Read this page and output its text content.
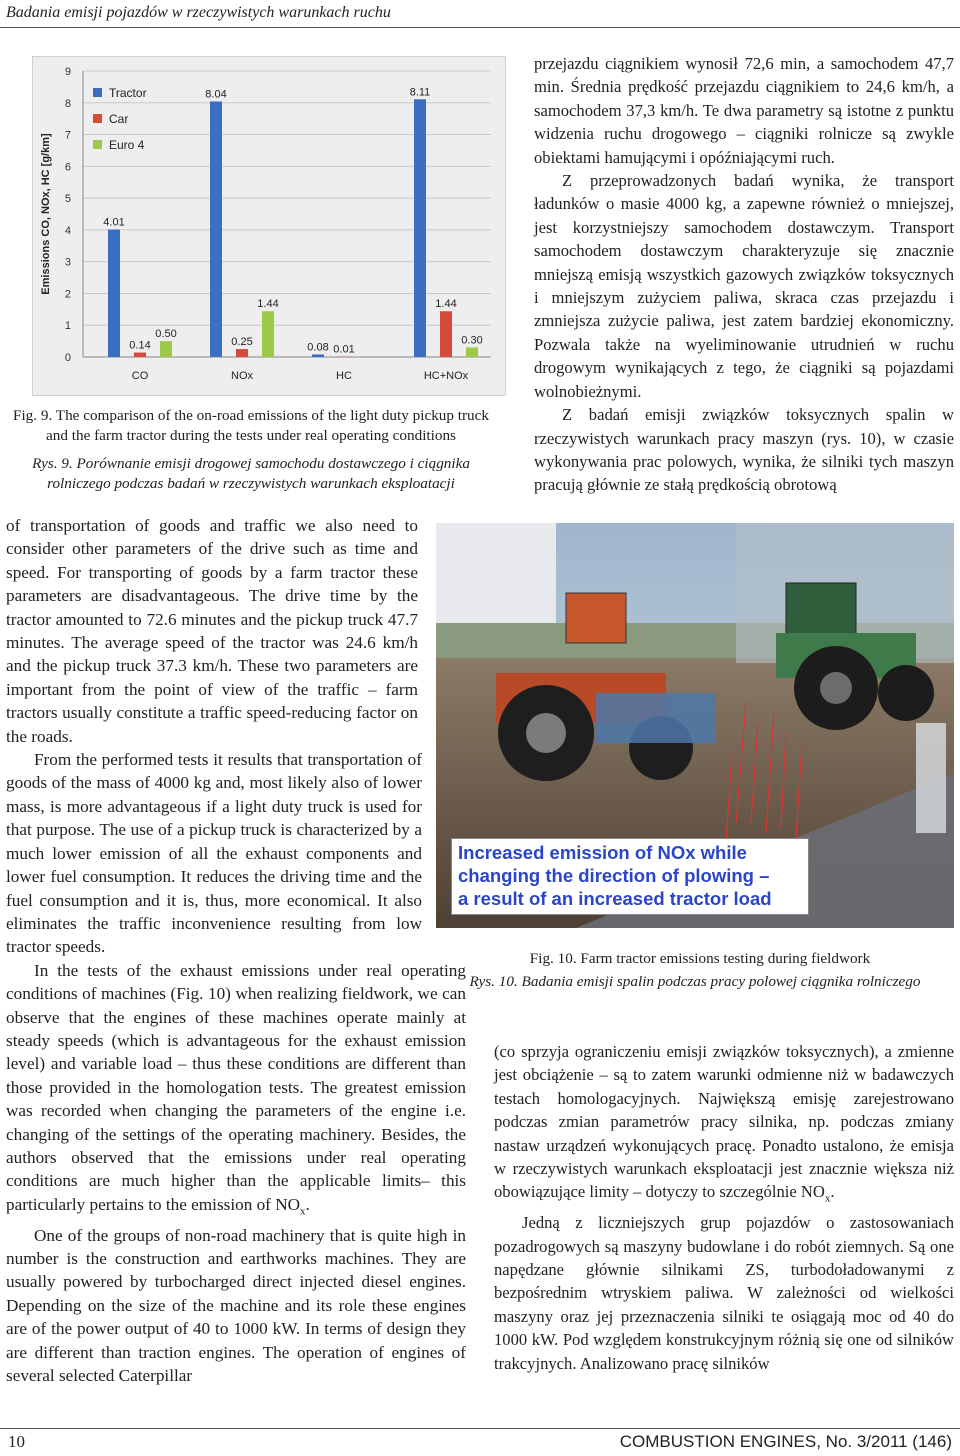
Badania emisji pojazdów w rzeczywistych warunkach ruchu
0
1
2
3
4
5
6
7
8
9
Emissions CO, NOx, HC [g/km]
CO
4.01
0.14
0.50
NOx
8.04
0.25
1.44
HC
0.08 0.01
HC+NOx
8.11
1.44
0.30
Tractor
Car
Euro 4
Fig. 9. The comparison of the on-road emissions of the light duty pickup truck and the farm tractor during the tests under real operating conditions
Rys. 9. Porównanie emisji drogowej samochodu dostawczego i ciągnika rolniczego podczas badań w rzeczywistych warunkach eksploatacji

przejazdu ciągnikiem wynosił 72,6 min, a samochodem 47,7 min. Średnia prędkość przejazdu ciągnikiem to 24,6 km/h, a samochodem 37,3 km/h. Te dwa parametry są istotne z punktu widzenia ruchu drogowego – ciągniki rolnicze są zwykle obiektami hamującymi i opóźniającymi ruch.

Z przeprowadzonych badań wynika, że transport ładunków o masie 4000 kg, a zapewne również o mniejszej, jest korzystniejszy samochodem dostawczym. Transport samochodem dostawczym charakteryzuje się znacznie mniejszą emisją wszystkich gazowych związków toksycznych i mniejszym zużyciem paliwa, skraca czas przejazdu i zmniejsza zużycie paliwa, jest zatem bardziej ekonomiczny. Pozwala także na wyeliminowanie utrudnień w ruchu drogowym wynikających z tego, że ciągniki są pojazdami wolnobieżnymi.

Z badań emisji związków toksycznych spalin w rzeczywistych warunkach pracy maszyn (rys. 10), w czasie wykonywania prac polowych, wynika, że silniki tych maszyn pracują głównie ze stałą prędkością obrotową

of transportation of goods and traffic we also need to consider other parameters of the drive such as time and speed. For transporting of goods by a farm tractor these parameters are disadvantageous. The drive time by the tractor amounted to 72.6 minutes and the pickup truck 47.7 minutes. The average speed of the tractor was 24.6 km/h and the pickup truck 37.3 km/h. These two parameters are important from the point of view of the traffic – farm tractors usually constitute a traffic speed-reducing factor on the roads.

From the performed tests it results that transportation of goods of the mass of 4000 kg and, most likely also of lower mass, is more advantageous if a light duty truck is used for that purpose. The use of a pickup truck is characterized by a much lower emission of all the exhaust components and lower fuel consumption. It reduces the driving time and the fuel consumption and it is, thus, more economical. It also eliminates the traffic inconvenience resulting from low tractor speeds.

In the tests of the exhaust emissions under real operating conditions of machines (Fig. 10) when realizing fieldwork, we can observe that the engines of these machines operate mainly at steady speeds (which is advantageous for the exhaust emission level) and variable load – thus these conditions are different than those provided in the homologation tests. The greatest emission was recorded when changing the parameters of the engine i.e. changing of the settings of the operating machinery. Besides, the authors observed that the emissions under real operating conditions are much higher than the applicable limits– this particularly pertains to the emission of $NO_x$.

One of the groups of non-road machinery that is quite high in number is the construction and earthworks machines. They are usually powered by turbocharged direct injected diesel engines. Depending on the size of the machine and its role these engines are of the power output of 40 to 1000 kW. In terms of design they are different than traction engines. The operation of engines of several selected Caterpillar

Increased emission of NOx while
changing the direction of plowing –
a result of an increased tractor load
Fig. 10. Farm tractor emissions testing during fieldwork
Rys. 10. Badania emisji spalin podczas pracy polowej ciągnika rolniczego

(co sprzyja ograniczeniu emisji związków toksycznych), a zmienne jest obciążenie – są to zatem warunki odmienne niż w badawczych testach homologacyjnych. Największą emisję zarejestrowano podczas zmian parametrów pracy silnika, np. podczas zmiany nastaw urządzeń wykonujących pracę. Ponadto ustalono, że emisja w rzeczywistych warunkach eksploatacji jest znacznie większa niż obowiązujące limity – dotyczy to szczególnie $NO_x$.

Jedną z liczniejszych grup pojazdów o zastosowaniach pozadrogowych są maszyny budowlane i do robót ziemnych. Są one napędzane głównie silnikami ZS, turbodoładowanymi z bezpośrednim wtryskiem paliwa. W zależności od wielkości maszyny oraz jej przeznaczenia silniki te osiągają moc od 40 do 1000 kW. Pod względem konstrukcyjnym różnią się one od silników trakcyjnych. Analizowano pracę silników

10	COMBUSTION ENGINES, No. 3/2011 (146)
